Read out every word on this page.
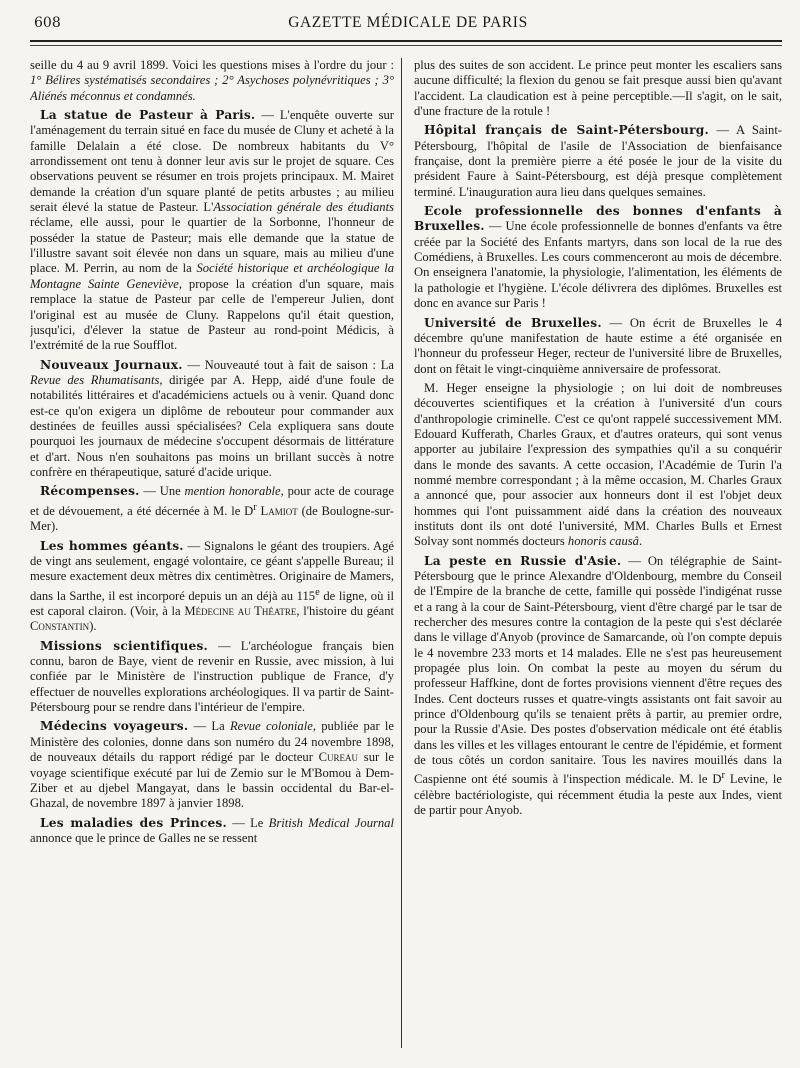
608	GAZETTE MÉDICALE DE PARIS

seille du 4 au 9 avril 1899. Voici les questions mises à l'ordre du jour : 1° Bélires systématisés secondaires ; 2° Asychoses polynévritiques ; 3° Aliénés méconnus et condamnés.

La statue de Pasteur à Paris. — L'enquête ouverte sur l'aménagement du terrain situé en face du musée de Cluny et acheté à la famille Delalain a été close. De nombreux habitants du V° arrondissement ont tenu à donner leur avis sur le projet de square. Ces observations peuvent se résumer en trois projets principaux. M. Mairet demande la création d'un square planté de petits arbustes ; au milieu serait élevé la statue de Pasteur. L'Association générale des étudiants réclame, elle aussi, pour le quartier de la Sorbonne, l'honneur de posséder la statue de Pasteur; mais elle demande que la statue de l'illustre savant soit élevée non dans un square, mais au milieu d'une place. M. Perrin, au nom de la Société historique et archéologique la Montagne Sainte Geneviève, propose la création d'un square, mais remplace la statue de Pasteur par celle de l'empereur Julien, dont l'original est au musée de Cluny. Rappelons qu'il était question, jusqu'ici, d'élever la statue de Pasteur au rond-point Médicis, à l'extrémité de la rue Soufflot.

Nouveaux Journaux. — Nouveauté tout à fait de saison : La Revue des Rhumatisants, dirigée par A. Hepp, aidé d'une foule de notabilités littéraires et d'académiciens actuels ou à venir. Quand donc est-ce qu'on exigera un diplôme de rebouteur pour commander aux destinées de feuilles aussi spécialisées? Cela expliquera sans doute pourquoi les journaux de médecine s'occupent désormais de littérature et d'art. Nous n'en souhaitons pas moins un brillant succès à notre confrère en thérapeutique, saturé d'acide urique.

Récompenses. — Une mention honorable, pour acte de courage et de dévouement, a été décernée à M. le $D^r$ Lamiot (de Boulogne-sur-Mer).

Les hommes géants. — Signalons le géant des troupiers. Agé de vingt ans seulement, engagé volontaire, ce géant s'appelle Bureau; il mesure exactement deux mètres dix centimètres. Originaire de Mamers, dans la Sarthe, il est incorporé depuis un an déjà au 115e de ligne, où il est caporal clairon. (Voir, à la Médecine au Théatre, l'histoire du géant Constantin).

Missions scientifiques. — L'archéologue français bien connu, baron de Baye, vient de revenir en Russie, avec mission, à lui confiée par le Ministère de l'instruction publique de France, d'y effectuer de nouvelles explorations archéologiques. Il va partir de Saint-Pétersbourg pour se rendre dans l'intérieur de l'empire.

Médecins voyageurs. — La Revue coloniale, publiée par le Ministère des colonies, donne dans son numéro du 24 novembre 1898, de nouveaux détails du rapport rédigé par le docteur Cureau sur le voyage scientifique exécuté par lui de Zemio sur le M'Bomou à Dem-Ziber et au djebel Mangayat, dans le bassin occidental du Bar-el-Ghazal, de novembre 1897 à janvier 1898.

Les maladies des Princes. — Le British Medical Journal annonce que le prince de Galles ne se ressent

plus des suites de son accident. Le prince peut monter les escaliers sans aucune difficulté; la flexion du genou se fait presque aussi bien qu'avant l'accident. La claudication est à peine perceptible.—Il s'agit, on le sait, d'une fracture de la rotule !

Hôpital français de Saint-Pétersbourg. — A Saint-Pétersbourg, l'hôpital de l'asile de l'Association de bienfaisance française, dont la première pierre a été posée le jour de la visite du président Faure à Saint-Pétersbourg, est déjà presque complètement terminé. L'inauguration aura lieu dans quelques semaines.

Ecole professionnelle des bonnes d'enfants à Bruxelles. — Une école professionnelle de bonnes d'enfants va être créée par la Société des Enfants martyrs, dans son local de la rue des Comédiens, à Bruxelles. Les cours commenceront au mois de décembre. On enseignera l'anatomie, la physiologie, l'alimentation, les éléments de la pathologie et l'hygiène. L'école délivrera des diplômes. Bruxelles est donc en avance sur Paris !

Université de Bruxelles. — On écrit de Bruxelles le 4 décembre qu'une manifestation de haute estime a été organisée en l'honneur du professeur Heger, recteur de l'université libre de Bruxelles, dont on fêtait le vingt-cinquième anniversaire de professorat.

M. Heger enseigne la physiologie ; on lui doit de nombreuses découvertes scientifiques et la création à l'université d'un cours d'anthropologie criminelle. C'est ce qu'ont rappelé successivement MM. Edouard Kufferath, Charles Graux, et d'autres orateurs, qui sont venus apporter au jubilaire l'expression des sympathies qu'il a su conquérir dans le monde des savants. A cette occasion, l'Académie de Turin l'a nommé membre correspondant ; à la même occasion, M. Charles Graux a annoncé que, pour associer aux honneurs dont il est l'objet deux hommes qui l'ont puissamment aidé dans la création des nouveaux instituts dont ils ont doté l'université, MM. Charles Bulls et Ernest Solvay sont nommés docteurs honoris causâ.

La peste en Russie d'Asie. — On télégraphie de Saint-Pétersbourg que le prince Alexandre d'Oldenbourg, membre du Conseil de l'Empire de la branche de cette, famille qui possède l'indigénat russe et a rang à la cour de Saint-Pétersbourg, vient d'être chargé par le tsar de rechercher des mesures contre la contagion de la peste qui s'est déclarée dans le village d'Anyob (province de Samarcande, où l'on compte depuis le 4 novembre 233 morts et 14 malades. Elle ne s'est pas heureusement propagée plus loin. On combat la peste au moyen du sérum du professeur Haffkine, dont de fortes provisions viennent d'être reçues des Indes. Cent docteurs russes et quatre-vingts assistants ont fait savoir au prince d'Oldenbourg qu'ils se tenaient prêts à partir, au premier ordre, pour la Russie d'Asie. Des postes d'observation médicale ont été établis dans les villes et les villages entourant le centre de l'épidémie, et forment de tous côtés un cordon sanitaire. Tous les navires mouillés dans la Caspienne ont été soumis à l'inspection médicale. M. le $D^r$ Levine, le célèbre bactériologiste, qui récemment étudia la peste aux Indes, vient de partir pour Anyob.
